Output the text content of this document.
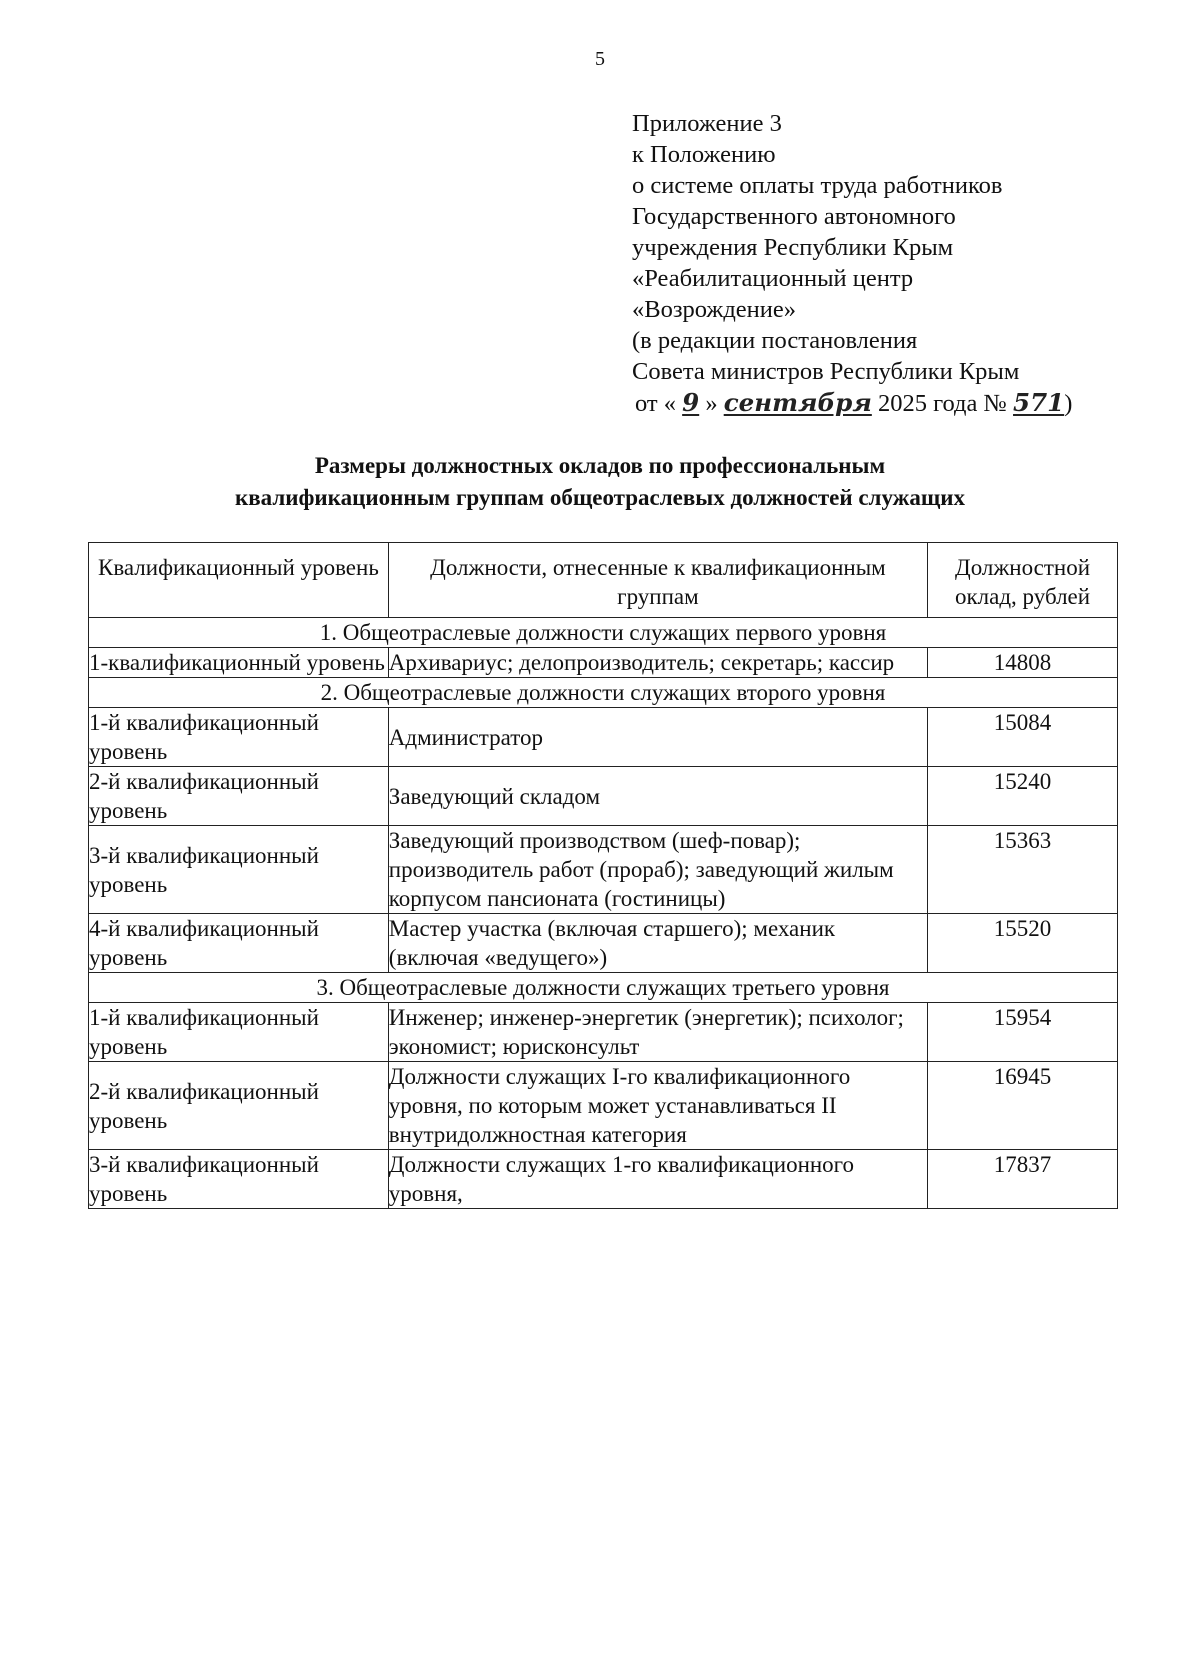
5
Приложение 3
к Положению
о системе оплаты труда работников
Государственного автономного
учреждения Республики Крым
«Реабилитационный центр
«Возрождение»
(в редакции постановления
Совета министров Республики Крым
от « 9 » сентября 2025 года № 571)
Размеры должностных окладов по профессиональным
квалификационным группам общеотраслевых должностей служащих
Квалификационный уровень	Должности, отнесенные к квалификационным группам	Должностной оклад, рублей
1. Общеотраслевые должности служащих первого уровня		
1-квалификационный уровень	Архивариус; делопроизводитель; секретарь; кассир	14808
2. Общеотраслевые должности служащих второго уровня		
1-й квалификационный уровень	Администратор	15084
2-й квалификационный уровень	Заведующий складом	15240
3-й квалификационный уровень	Заведующий производством (шеф-повар); производитель работ (прораб); заведующий жилым корпусом пансионата (гостиницы)	15363
4-й квалификационный уровень	Мастер участка (включая старшего); механик (включая «ведущего»)	15520
3. Общеотраслевые должности служащих третьего уровня		
1-й квалификационный уровень	Инженер; инженер-энергетик (энергетик); психолог; экономист; юрисконсульт	15954
2-й квалификационный уровень	Должности служащих I-го квалификационного уровня, по которым может устанавливаться II внутридолжностная категория	16945
3-й квалификационный уровень	Должности служащих 1-го квалификационного уровня,	17837
